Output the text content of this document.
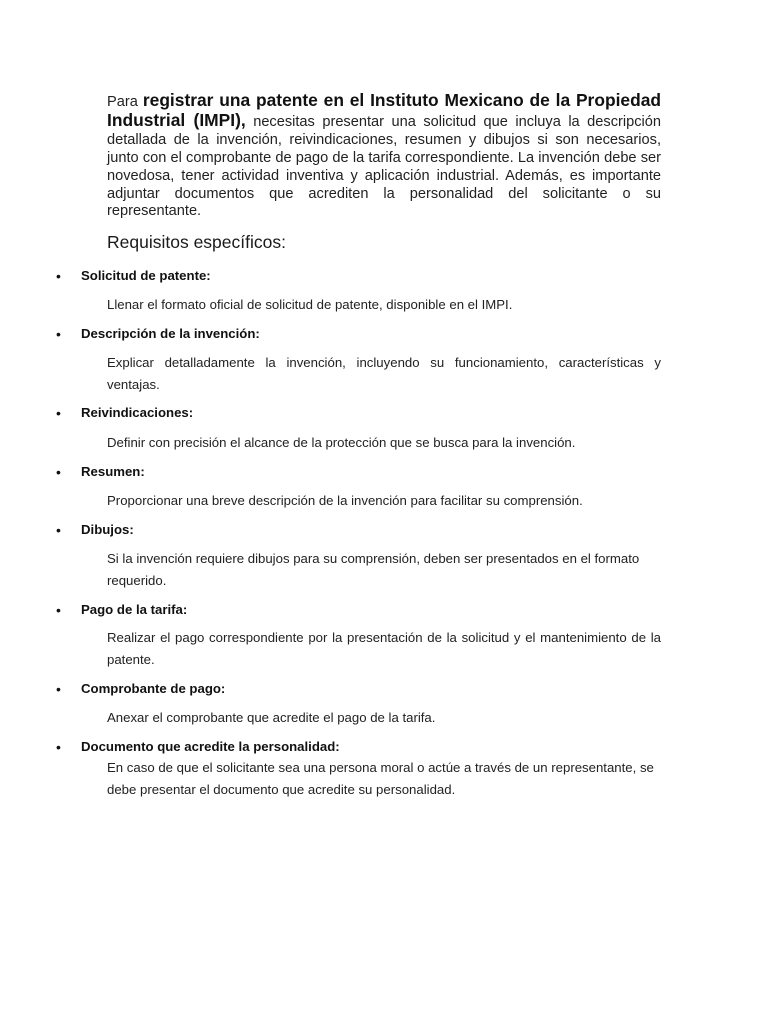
Para registrar una patente en el Instituto Mexicano de la Propiedad Industrial (IMPI), necesitas presentar una solicitud que incluya la descripción detallada de la invención, reivindicaciones, resumen y dibujos si son necesarios, junto con el comprobante de pago de la tarifa correspondiente. La invención debe ser novedosa, tener actividad inventiva y aplicación industrial. Además, es importante adjuntar documentos que acrediten la personalidad del solicitante o su representante.

Requisitos específicos:
• Solicitud de patente:
Llenar el formato oficial de solicitud de patente, disponible en el IMPI.
• Descripción de la invención:
Explicar detalladamente la invención, incluyendo su funcionamiento, características y ventajas.
• Reivindicaciones:
Definir con precisión el alcance de la protección que se busca para la invención.
• Resumen:
Proporcionar una breve descripción de la invención para facilitar su comprensión.
• Dibujos:
Si la invención requiere dibujos para su comprensión, deben ser presentados en el formato requerido.
• Pago de la tarifa:
Realizar el pago correspondiente por la presentación de la solicitud y el mantenimiento de la patente.
• Comprobante de pago:
Anexar el comprobante que acredite el pago de la tarifa.
• Documento que acredite la personalidad:
En caso de que el solicitante sea una persona moral o actúe a través de un representante, se debe presentar el documento que acredite su personalidad.
